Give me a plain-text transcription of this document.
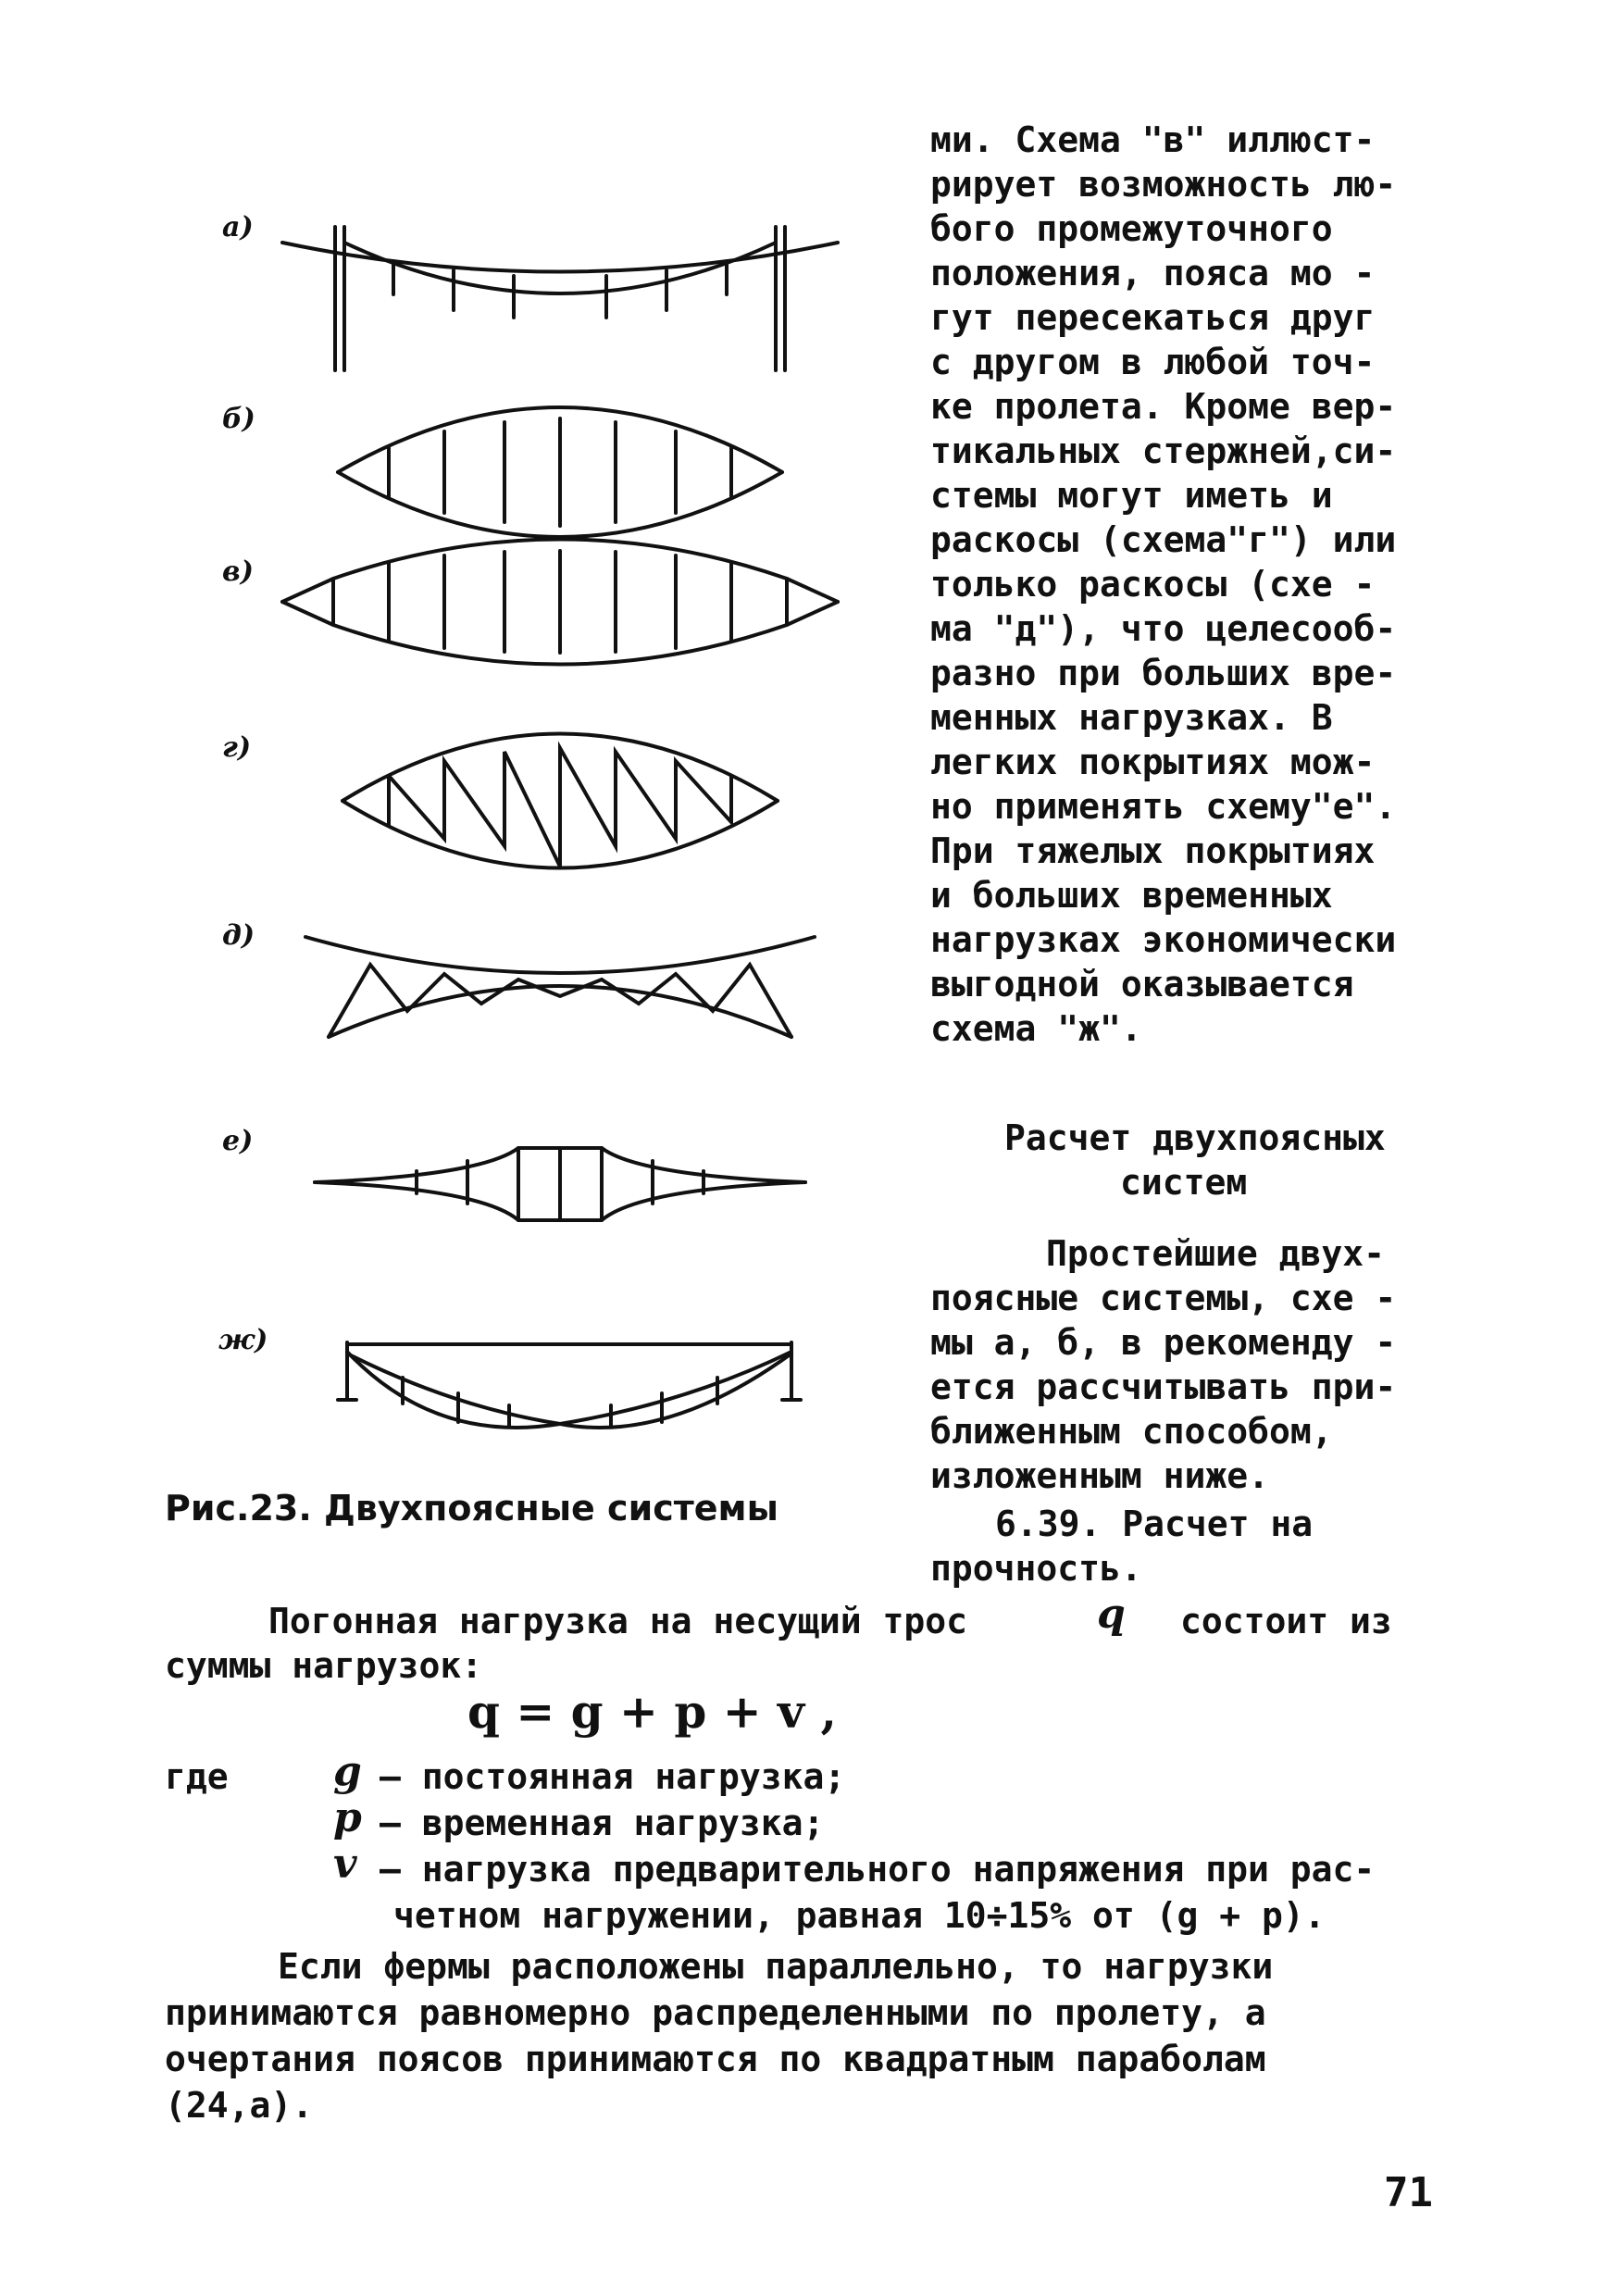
а)
б)
в)
г)
д)
е)
ж)
Рис.23. Двухпоясные системы
ми. Схема "в" иллюст-
рирует возможность лю-
бого промежуточного
положения, пояса мо -
гут пересекаться друг
с другом в любой точ-
ке пролета. Кроме вер-
тикальных стержней,си-
стемы могут иметь и
раскосы (схема"г") или
только раскосы (схе -
ма "д"), что целесооб-
разно при больших вре-
менных нагрузках. В
легких покрытиях мож-
но применять схему"е".
При тяжелых покрытиях
и больших временных
нагрузках экономически
выгодной оказывается
схема "ж".
Расчет двухпоясных
систем
Простейшие двух-
поясные системы, схе -
мы а, б, в рекоменду -
ется рассчитывать при-
ближенным способом,
изложенным ниже.
6.39. Расчет на
прочность.
Погонная нагрузка на несущий трос	q состоит из
суммы нагрузок:
q = g + p + v ,
где	g – постоянная нагрузка;
p – временная нагрузка;
v – нагрузка предварительного напряжения при рас-
четном нагружении, равная 10÷15% от (g + p).
Если фермы расположены параллельно, то нагрузки
принимаются равномерно распределенными по пролету, а
очертания поясов принимаются по квадратным параболам
(24,а).
71
